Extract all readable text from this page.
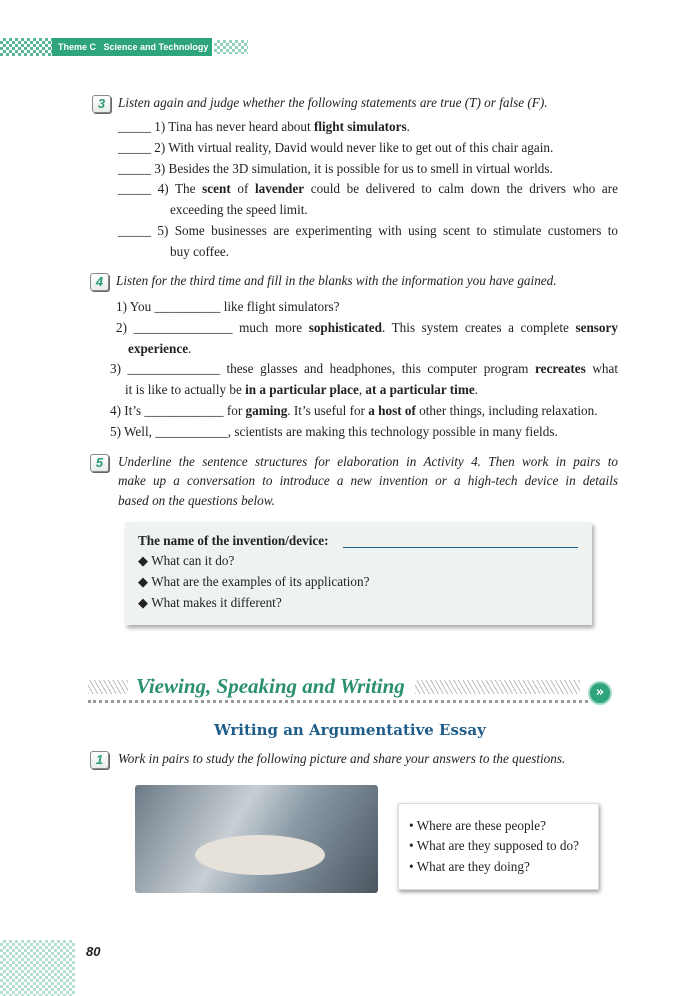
Theme C Science and Technology
3 Listen again and judge whether the following statements are true (T) or false (F).
_____ 1) Tina has never heard about flight simulators.
_____ 2) With virtual reality, David would never like to get out of this chair again.
_____ 3) Besides the 3D simulation, it is possible for us to smell in virtual worlds.
_____ 4) The scent of lavender could be delivered to calm down the drivers who are
exceeding the speed limit.
_____ 5) Some businesses are experimenting with using scent to stimulate customers to
buy coffee.
4 Listen for the third time and fill in the blanks with the information you have gained.
1) You __________ like flight simulators?
2) _______________ much more sophisticated. This system creates a complete sensory
experience.
3) ______________ these glasses and headphones, this computer program recreates what
it is like to actually be in a particular place, at a particular time.
4) It’s ____________ for gaming. It’s useful for a host of other things, including relaxation.
5) Well, ___________, scientists are making this technology possible in many fields.
5	Underline the sentence structures for elaboration in Activity 4. Then work in pairs to
make up a conversation to introduce a new invention or a high-tech device in details
based on the questions below.
The name of the invention/device:
◆ What can it do?
◆ What are the examples of its application?
◆ What makes it different?
Viewing, Speaking and Writing	»
Writing an Argumentative Essay
1	Work in pairs to study the following picture and share your answers to the questions.
• Where are these people?
• What are they supposed to do?
• What are they doing?
80
